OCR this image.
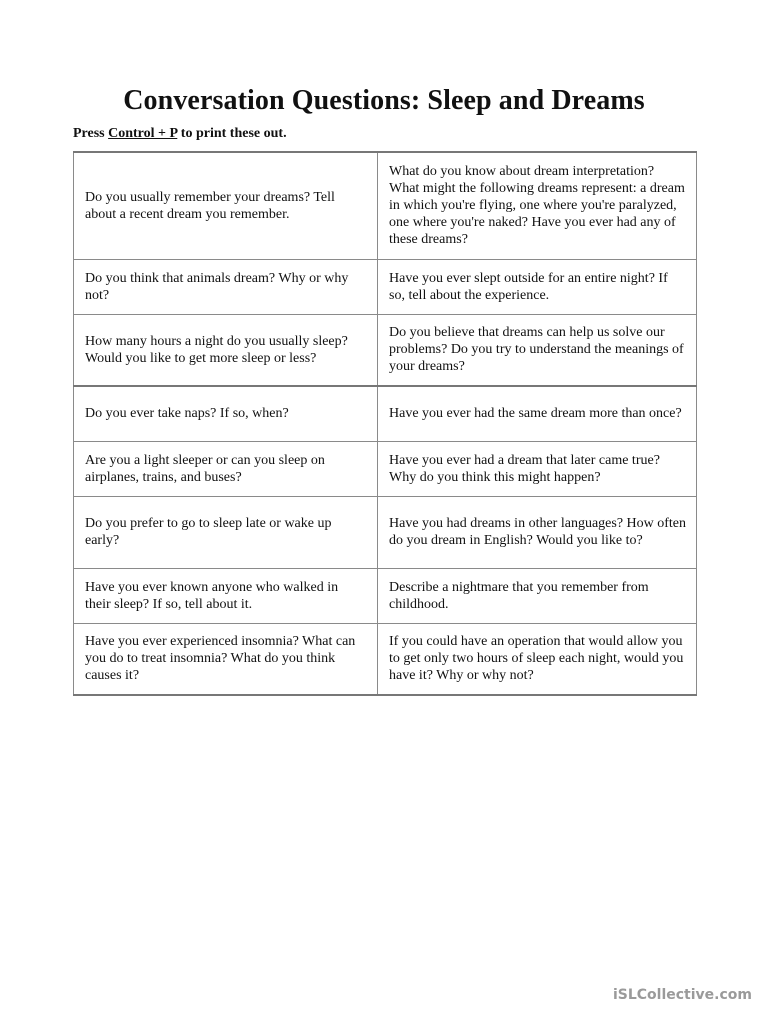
Conversation Questions: Sleep and Dreams
Press Control + P to print these out.
Do you usually remember your dreams? Tell about a recent dream you remember.	What do you know about dream interpretation? What might the following dreams represent: a dream in which you're flying, one where you're paralyzed, one where you're naked? Have you ever had any of these dreams?
Do you think that animals dream? Why or why not?	Have you ever slept outside for an entire night? If so, tell about the experience.
How many hours a night do you usually sleep? Would you like to get more sleep or less?	Do you believe that dreams can help us solve our problems? Do you try to understand the meanings of your dreams?
Do you ever take naps? If so, when?	Have you ever had the same dream more than once?
Are you a light sleeper or can you sleep on airplanes, trains, and buses?	Have you ever had a dream that later came true? Why do you think this might happen?
Do you prefer to go to sleep late or wake up early?	Have you had dreams in other languages? How often do you dream in English? Would you like to?
Have you ever known anyone who walked in their sleep? If so, tell about it.	Describe a nightmare that you remember from childhood.
Have you ever experienced insomnia? What can you do to treat insomnia? What do you think causes it?	If you could have an operation that would allow you to get only two hours of sleep each night, would you have it? Why or why not?
iSLCollective.com
